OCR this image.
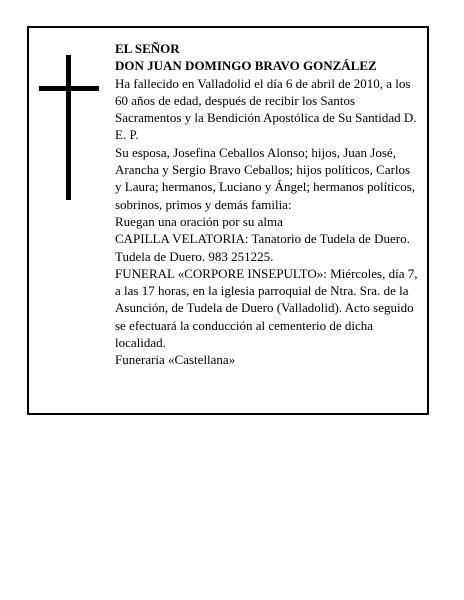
EL SEÑOR

DON JUAN DOMINGO BRAVO GONZÁLEZ

Ha fallecido en Valladolid el día 6 de abril de 2010, a los 60 años de edad, después de recibir los Santos Sacramentos y la Bendición Apostólica de Su Santidad D. E. P.

Su esposa, Josefina Ceballos Alonso; hijos, Juan José, Arancha y Sergio Bravo Ceballos; hijos políticos, Carlos y Laura; hermanos, Luciano y Ángel; hermanos políticos, sobrinos, primos y demás familia:

Ruegan una oración por su alma

CAPILLA VELATORIA: Tanatorio de Tudela de Duero. Tudela de Duero. 983 251225.

FUNERAL «CORPORE INSEPULTO»: Miércoles, día 7, a las 17 horas, en la iglesia parroquial de Ntra. Sra. de la Asunción, de Tudela de Duero (Valladolid). Acto seguido se efectuará la conducción al cementerio de dicha localidad.

Funeraria «Castellana»
